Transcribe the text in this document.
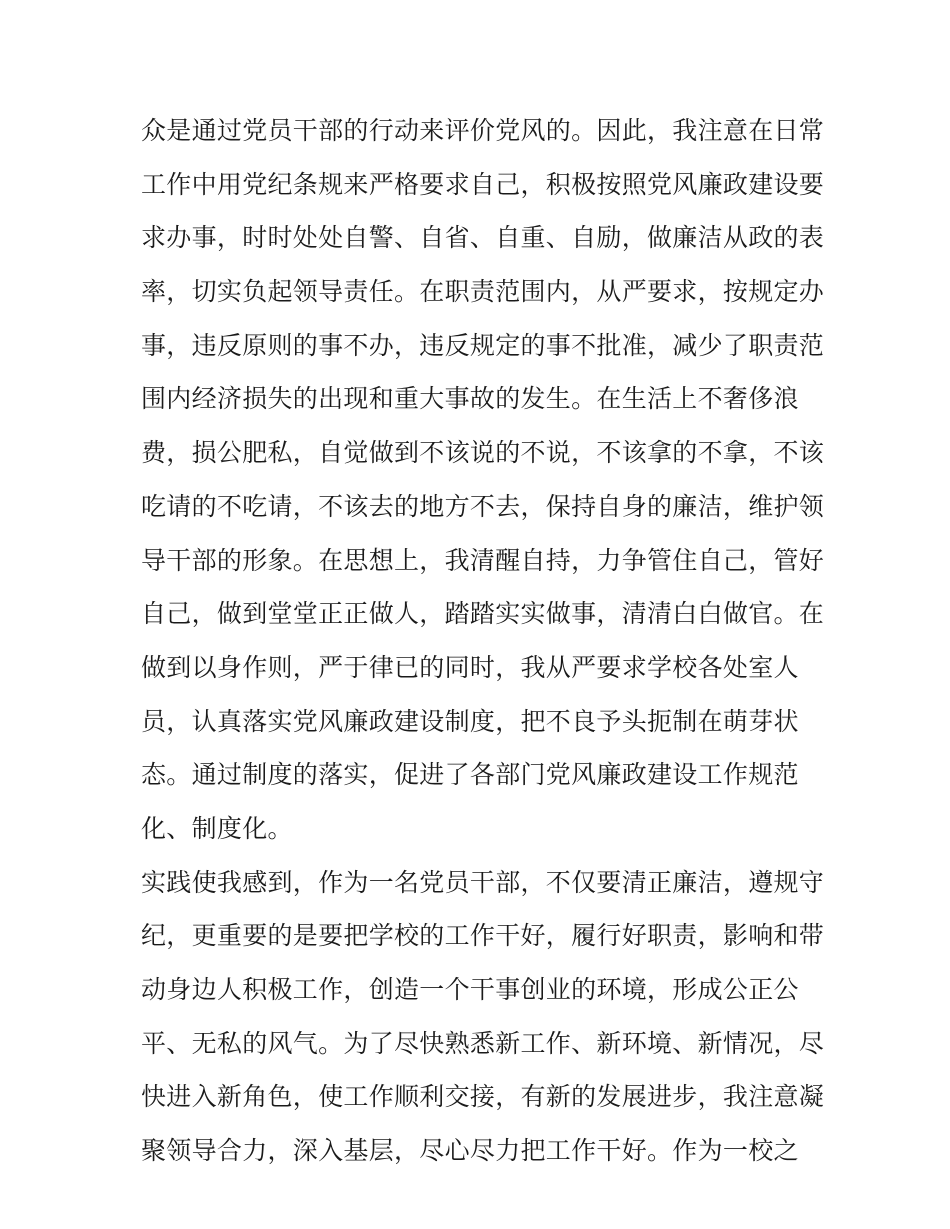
众是通过党员干部的行动来评价党风的。因此，我注意在日常
工作中用党纪条规来严格要求自己，积极按照党风廉政建设要
求办事，时时处处自警、自省、自重、自励，做廉洁从政的表
率，切实负起领导责任。在职责范围内，从严要求，按规定办
事，违反原则的事不办，违反规定的事不批准，减少了职责范
围内经济损失的出现和重大事故的发生。在生活上不奢侈浪
费，损公肥私，自觉做到不该说的不说，不该拿的不拿，不该
吃请的不吃请，不该去的地方不去，保持自身的廉洁，维护领
导干部的形象。在思想上，我清醒自持，力争管住自己，管好
自己，做到堂堂正正做人，踏踏实实做事，清清白白做官。在
做到以身作则，严于律已的同时，我从严要求学校各处室人
员，认真落实党风廉政建设制度，把不良予头扼制在萌芽状
态。通过制度的落实，促进了各部门党风廉政建设工作规范
化、制度化。
实践使我感到，作为一名党员干部，不仅要清正廉洁，遵规守
纪，更重要的是要把学校的工作干好，履行好职责，影响和带
动身边人积极工作，创造一个干事创业的环境，形成公正公
平、无私的风气。为了尽快熟悉新工作、新环境、新情况，尽
快进入新角色，使工作顺利交接，有新的发展进步，我注意凝
聚领导合力，深入基层，尽心尽力把工作干好。作为一校之
